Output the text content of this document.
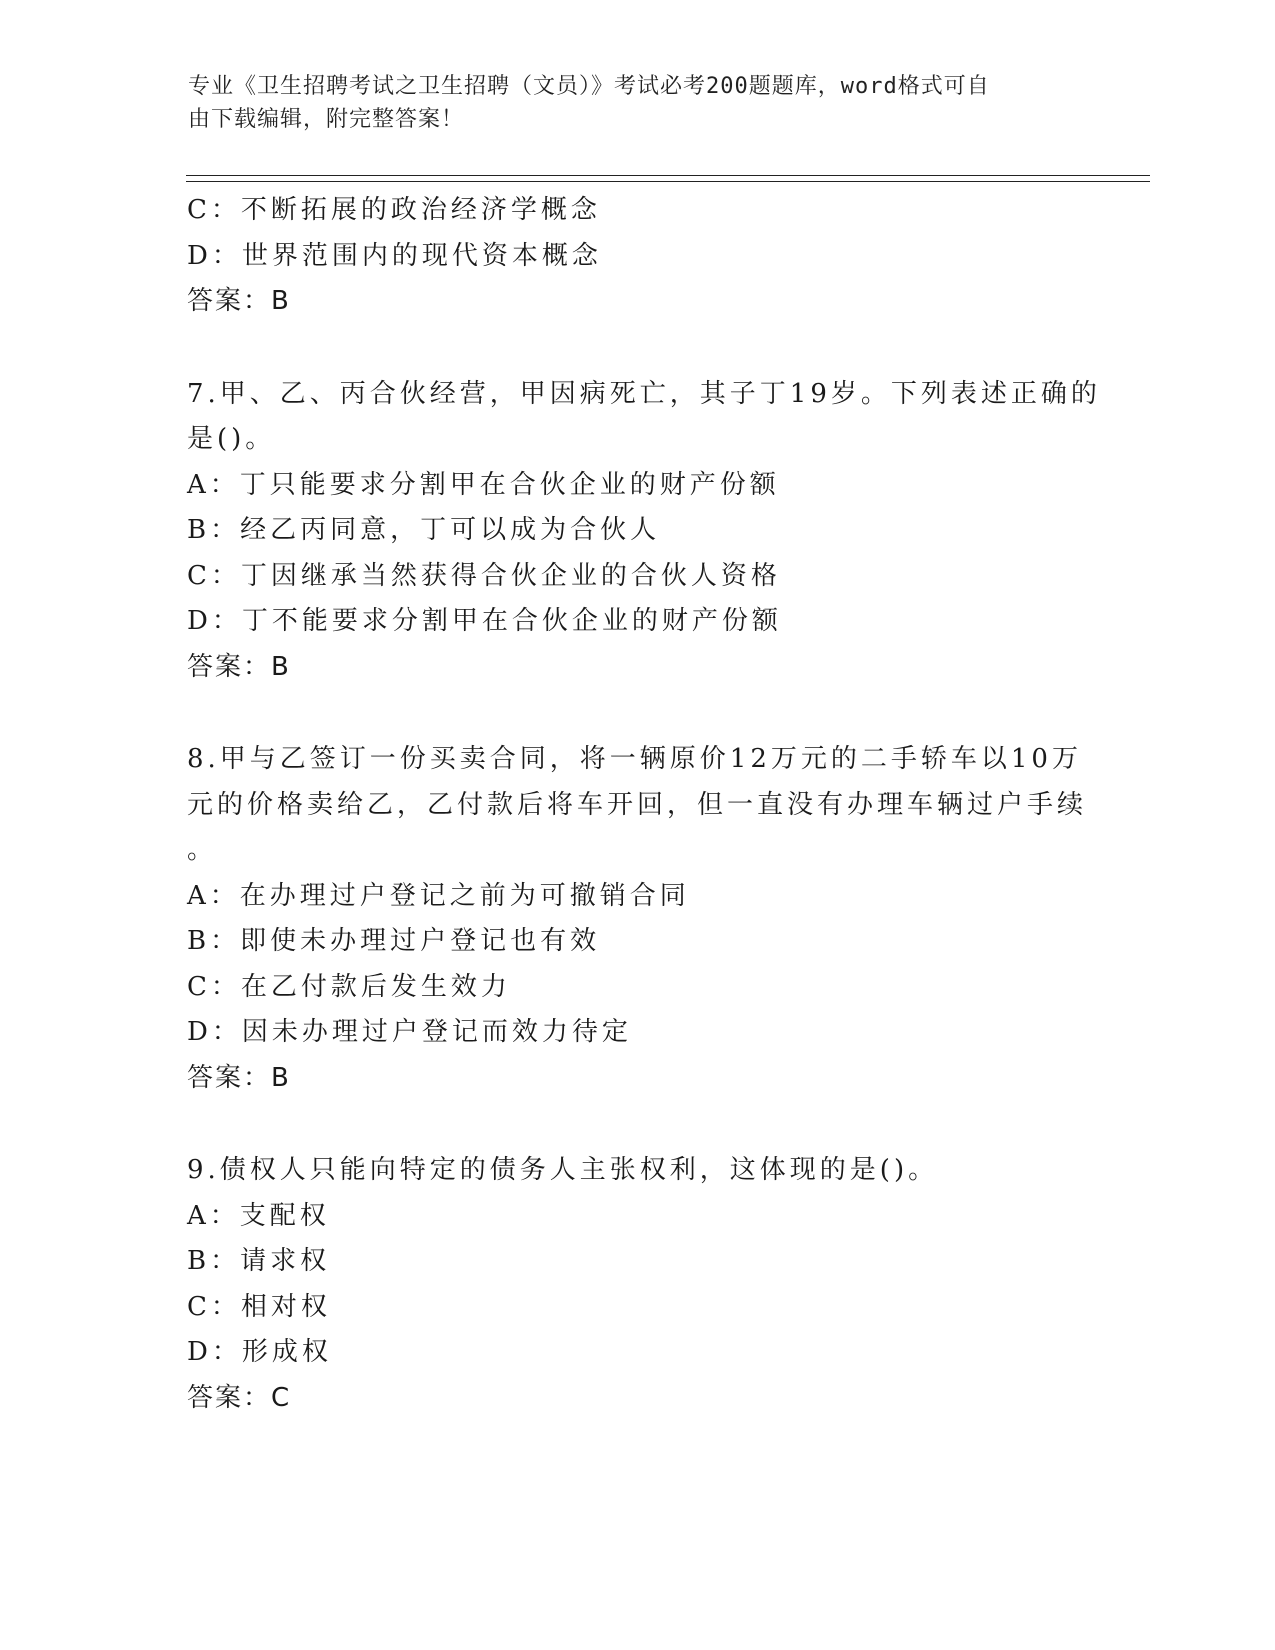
专业《卫生招聘考试之卫生招聘（文员）》考试必考200题题库，word格式可自
由下载编辑，附完整答案！
C：不断拓展的政治经济学概念
D：世界范围内的现代资本概念
答案：B
7.甲、乙、丙合伙经营，甲因病死亡，其子丁19岁。下列表述正确的
是()。
A：丁只能要求分割甲在合伙企业的财产份额
B：经乙丙同意，丁可以成为合伙人
C：丁因继承当然获得合伙企业的合伙人资格
D：丁不能要求分割甲在合伙企业的财产份额
答案：B
8.甲与乙签订一份买卖合同，将一辆原价12万元的二手轿车以10万
元的价格卖给乙，乙付款后将车开回，但一直没有办理车辆过户手续
。
A：在办理过户登记之前为可撤销合同
B：即使未办理过户登记也有效
C：在乙付款后发生效力
D：因未办理过户登记而效力待定
答案：B
9.债权人只能向特定的债务人主张权利，这体现的是()。
A：支配权
B：请求权
C：相对权
D：形成权
答案：C
